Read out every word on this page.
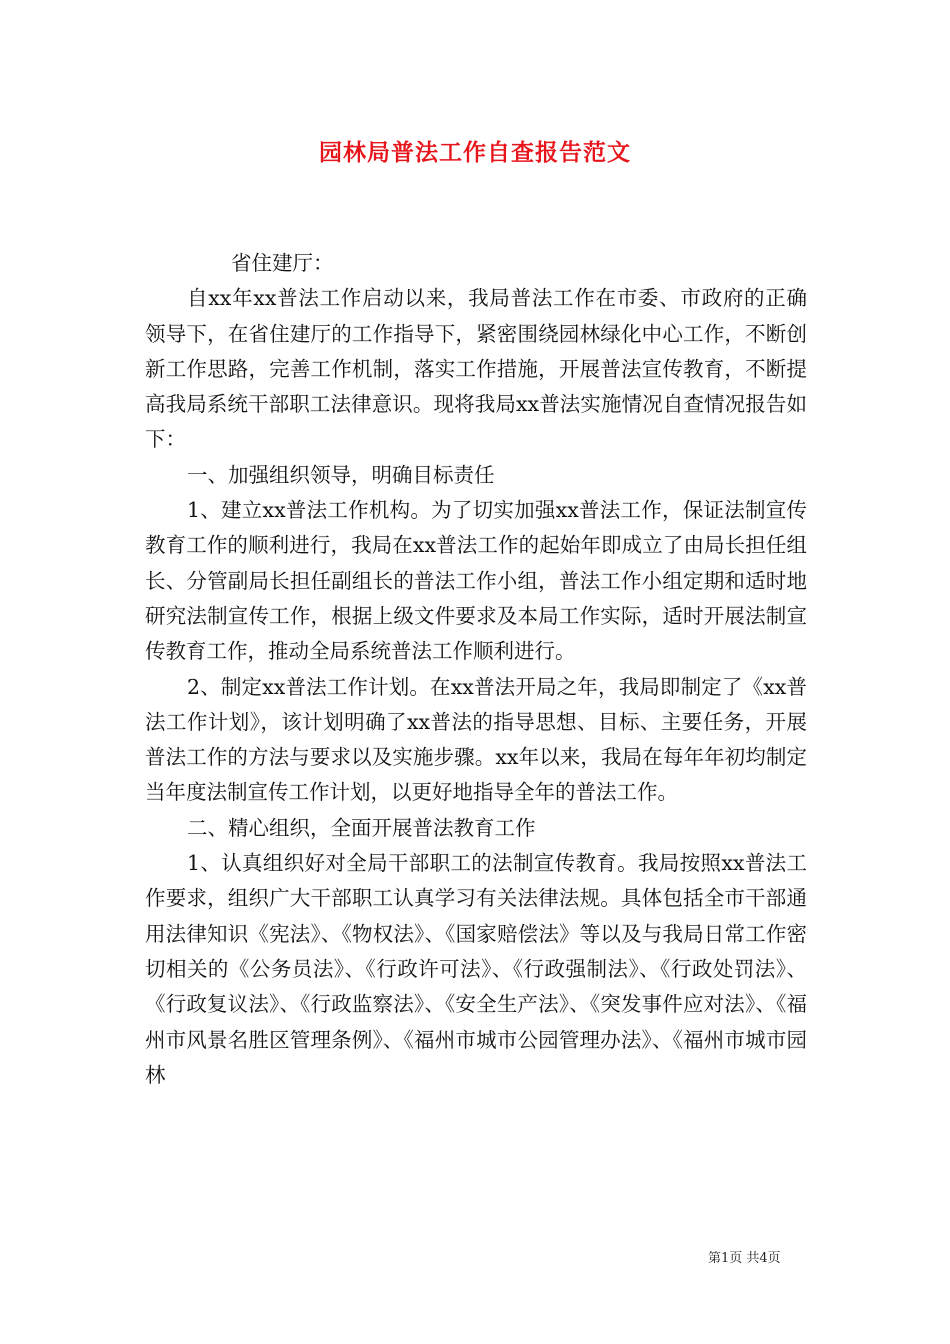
园林局普法工作自查报告范文

省住建厅：

自xx年xx普法工作启动以来，我局普法工作在市委、市政府的正确领导下，在省住建厅的工作指导下，紧密围绕园林绿化中心工作，不断创新工作思路，完善工作机制，落实工作措施，开展普法宣传教育，不断提高我局系统干部职工法律意识。现将我局xx普法实施情况自查情况报告如下：

一、加强组织领导，明确目标责任

1、建立xx普法工作机构。为了切实加强xx普法工作，保证法制宣传教育工作的顺利进行，我局在xx普法工作的起始年即成立了由局长担任组长、分管副局长担任副组长的普法工作小组，普法工作小组定期和适时地研究法制宣传工作，根据上级文件要求及本局工作实际，适时开展法制宣传教育工作，推动全局系统普法工作顺利进行。

2、制定xx普法工作计划。在xx普法开局之年，我局即制定了《xx普法工作计划》，该计划明确了xx普法的指导思想、目标、主要任务，开展普法工作的方法与要求以及实施步骤。xx年以来，我局在每年年初均制定当年度法制宣传工作计划，以更好地指导全年的普法工作。

二、精心组织，全面开展普法教育工作

1、认真组织好对全局干部职工的法制宣传教育。我局按照xx普法工作要求，组织广大干部职工认真学习有关法律法规。具体包括全市干部通用法律知识《宪法》、《物权法》、《国家赔偿法》等以及与我局日常工作密切相关的《公务员法》、《行政许可法》、《行政强制法》、《行政处罚法》、《行政复议法》、《行政监察法》、《安全生产法》、《突发事件应对法》、《福州市风景名胜区管理条例》、《福州市城市公园管理办法》、《福州市城市园林

第1页 共4页
